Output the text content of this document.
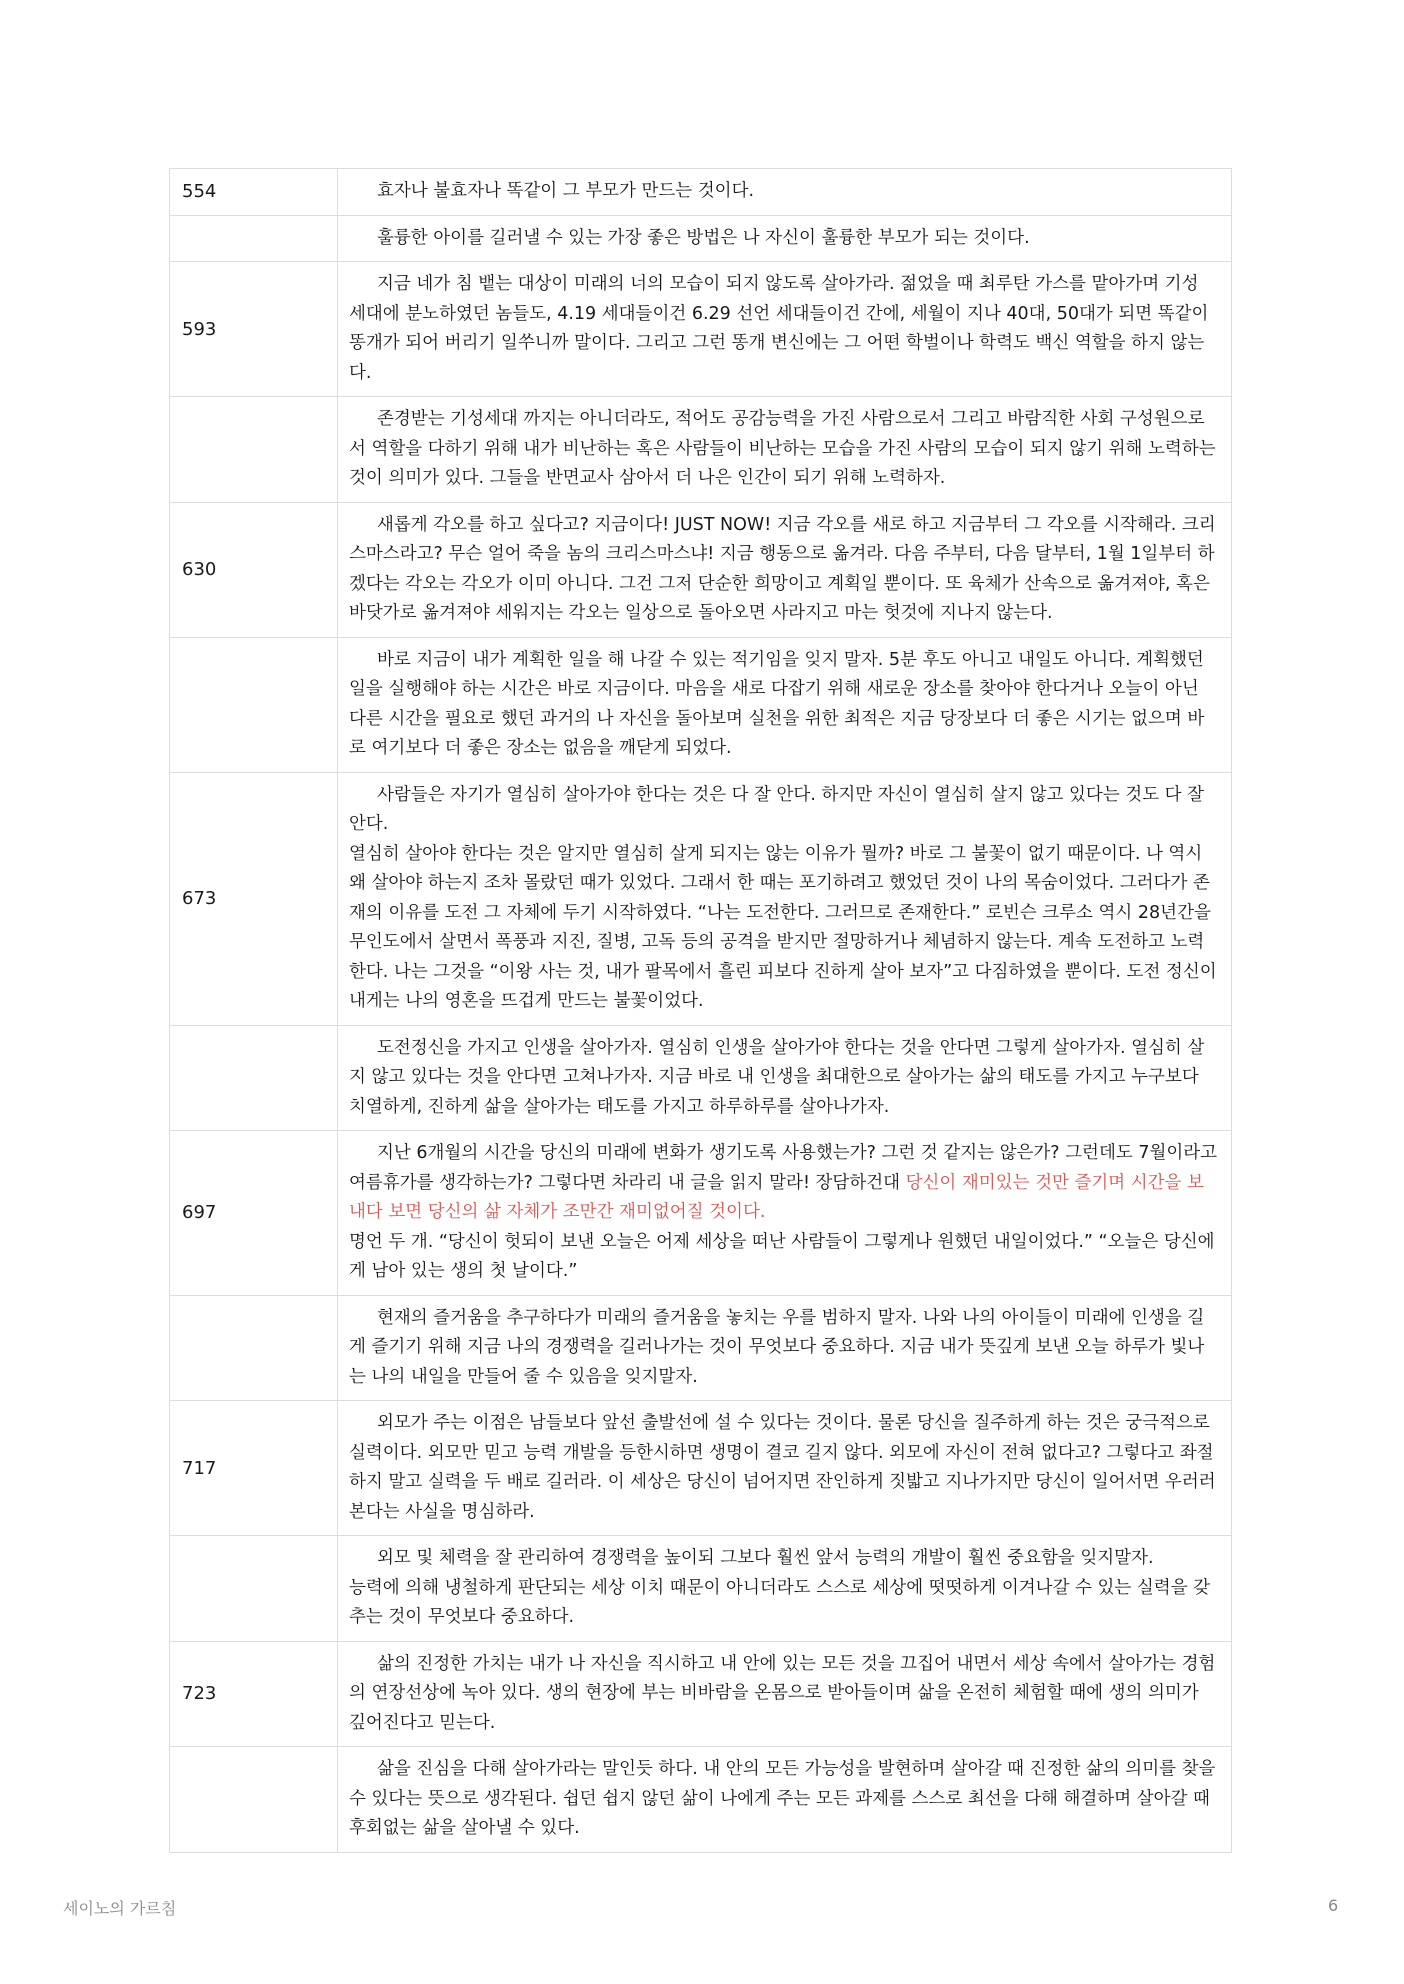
554	효자나 불효자나 똑같이 그 부모가 만드는 것이다.

	훌륭한 아이를 길러낼 수 있는 가장 좋은 방법은 나 자신이 훌륭한 부모가 되는 것이다.

593	지금 네가 침 뱉는 대상이 미래의 너의 모습이 되지 않도록 살아가라. 젊었을 때 최루탄 가스를 맡아가며 기성 세대에 분노하였던 놈들도, 4.19 세대들이건 6.29 선언 세대들이건 간에, 세월이 지나 40대, 50대가 되면 똑같이 똥개가 되어 버리기 일쑤니까 말이다. 그리고 그런 똥개 변신에는 그 어떤 학벌이나 학력도 백신 역할을 하지 않는다.

	존경받는 기성세대 까지는 아니더라도, 적어도 공감능력을 가진 사람으로서 그리고 바람직한 사회 구성원으로서 역할을 다하기 위해 내가 비난하는 혹은 사람들이 비난하는 모습을 가진 사람의 모습이 되지 않기 위해 노력하는 것이 의미가 있다. 그들을 반면교사 삼아서 더 나은 인간이 되기 위해 노력하자.

630	새롭게 각오를 하고 싶다고? 지금이다! JUST NOW! 지금 각오를 새로 하고 지금부터 그 각오를 시작해라. 크리스마스라고? 무슨 얼어 죽을 놈의 크리스마스냐! 지금 행동으로 옮겨라. 다음 주부터, 다음 달부터, 1월 1일부터 하겠다는 각오는 각오가 이미 아니다. 그건 그저 단순한 희망이고 계획일 뿐이다. 또 육체가 산속으로 옮겨져야, 혹은 바닷가로 옮겨져야 세워지는 각오는 일상으로 돌아오면 사라지고 마는 헛것에 지나지 않는다.

	바로 지금이 내가 계획한 일을 해 나갈 수 있는 적기임을 잊지 말자. 5분 후도 아니고 내일도 아니다. 계획했던 일을 실행해야 하는 시간은 바로 지금이다. 마음을 새로 다잡기 위해 새로운 장소를 찾아야 한다거나 오늘이 아닌 다른 시간을 필요로 했던 과거의 나 자신을 돌아보며 실천을 위한 최적은 지금 당장보다 더 좋은 시기는 없으며 바로 여기보다 더 좋은 장소는 없음을 깨닫게 되었다.

673	사람들은 자기가 열심히 살아가야 한다는 것은 다 잘 안다. 하지만 자신이 열심히 살지 않고 있다는 것도 다 잘 안다.
열심히 살아야 한다는 것은 알지만 열심히 살게 되지는 않는 이유가 뭘까? 바로 그 불꽃이 없기 때문이다. 나 역시 왜 살아야 하는지 조차 몰랐던 때가 있었다. 그래서 한 때는 포기하려고 했었던 것이 나의 목숨이었다. 그러다가 존재의 이유를 도전 그 자체에 두기 시작하였다. “나는 도전한다. 그러므로 존재한다.” 로빈슨 크루소 역시 28년간을 무인도에서 살면서 폭풍과 지진, 질병, 고독 등의 공격을 받지만 절망하거나 체념하지 않는다. 계속 도전하고 노력한다. 나는 그것을 “이왕 사는 것, 내가 팔목에서 흘린 피보다 진하게 살아 보자”고 다짐하였을 뿐이다. 도전 정신이 내게는 나의 영혼을 뜨겁게 만드는 불꽃이었다.

	도전정신을 가지고 인생을 살아가자. 열심히 인생을 살아가야 한다는 것을 안다면 그렇게 살아가자. 열심히 살지 않고 있다는 것을 안다면 고쳐나가자. 지금 바로 내 인생을 최대한으로 살아가는 삶의 태도를 가지고 누구보다 치열하게, 진하게 삶을 살아가는 태도를 가지고 하루하루를 살아나가자.

697	지난 6개월의 시간을 당신의 미래에 변화가 생기도록 사용했는가? 그런 것 같지는 않은가? 그런데도 7월이라고 여름휴가를 생각하는가? 그렇다면 차라리 내 글을 읽지 말라! 장담하건대 당신이 재미있는 것만 즐기며 시간을 보내다 보면 당신의 삶 자체가 조만간 재미없어질 것이다.
명언 두 개. “당신이 헛되이 보낸 오늘은 어제 세상을 떠난 사람들이 그렇게나 원했던 내일이었다.” “오늘은 당신에게 남아 있는 생의 첫 날이다.”

	현재의 즐거움을 추구하다가 미래의 즐거움을 놓치는 우를 범하지 말자. 나와 나의 아이들이 미래에 인생을 길게 즐기기 위해 지금 나의 경쟁력을 길러나가는 것이 무엇보다 중요하다. 지금 내가 뜻깊게 보낸 오늘 하루가 빛나는 나의 내일을 만들어 줄 수 있음을 잊지말자.

717	외모가 주는 이점은 남들보다 앞선 출발선에 설 수 있다는 것이다. 물론 당신을 질주하게 하는 것은 궁극적으로 실력이다. 외모만 믿고 능력 개발을 등한시하면 생명이 결코 길지 않다. 외모에 자신이 전혀 없다고? 그렇다고 좌절하지 말고 실력을 두 배로 길러라. 이 세상은 당신이 넘어지면 잔인하게 짓밟고 지나가지만 당신이 일어서면 우러러본다는 사실을 명심하라.

	외모 및 체력을 잘 관리하여 경쟁력을 높이되 그보다 훨씬 앞서 능력의 개발이 훨씬 중요함을 잊지말자.
능력에 의해 냉철하게 판단되는 세상 이치 때문이 아니더라도 스스로 세상에 떳떳하게 이겨나갈 수 있는 실력을 갖추는 것이 무엇보다 중요하다.

723	삶의 진정한 가치는 내가 나 자신을 직시하고 내 안에 있는 모든 것을 끄집어 내면서 세상 속에서 살아가는 경험의 연장선상에 녹아 있다. 생의 현장에 부는 비바람을 온몸으로 받아들이며 삶을 온전히 체험할 때에 생의 의미가 깊어진다고 믿는다.

	삶을 진심을 다해 살아가라는 말인듯 하다. 내 안의 모든 가능성을 발현하며 살아갈 때 진정한 삶의 의미를 찾을 수 있다는 뜻으로 생각된다. 쉽던 쉽지 않던 삶이 나에게 주는 모든 과제를 스스로 최선을 다해 해결하며 살아갈 때 후회없는 삶을 살아낼 수 있다.
세이노의 가르침	6
